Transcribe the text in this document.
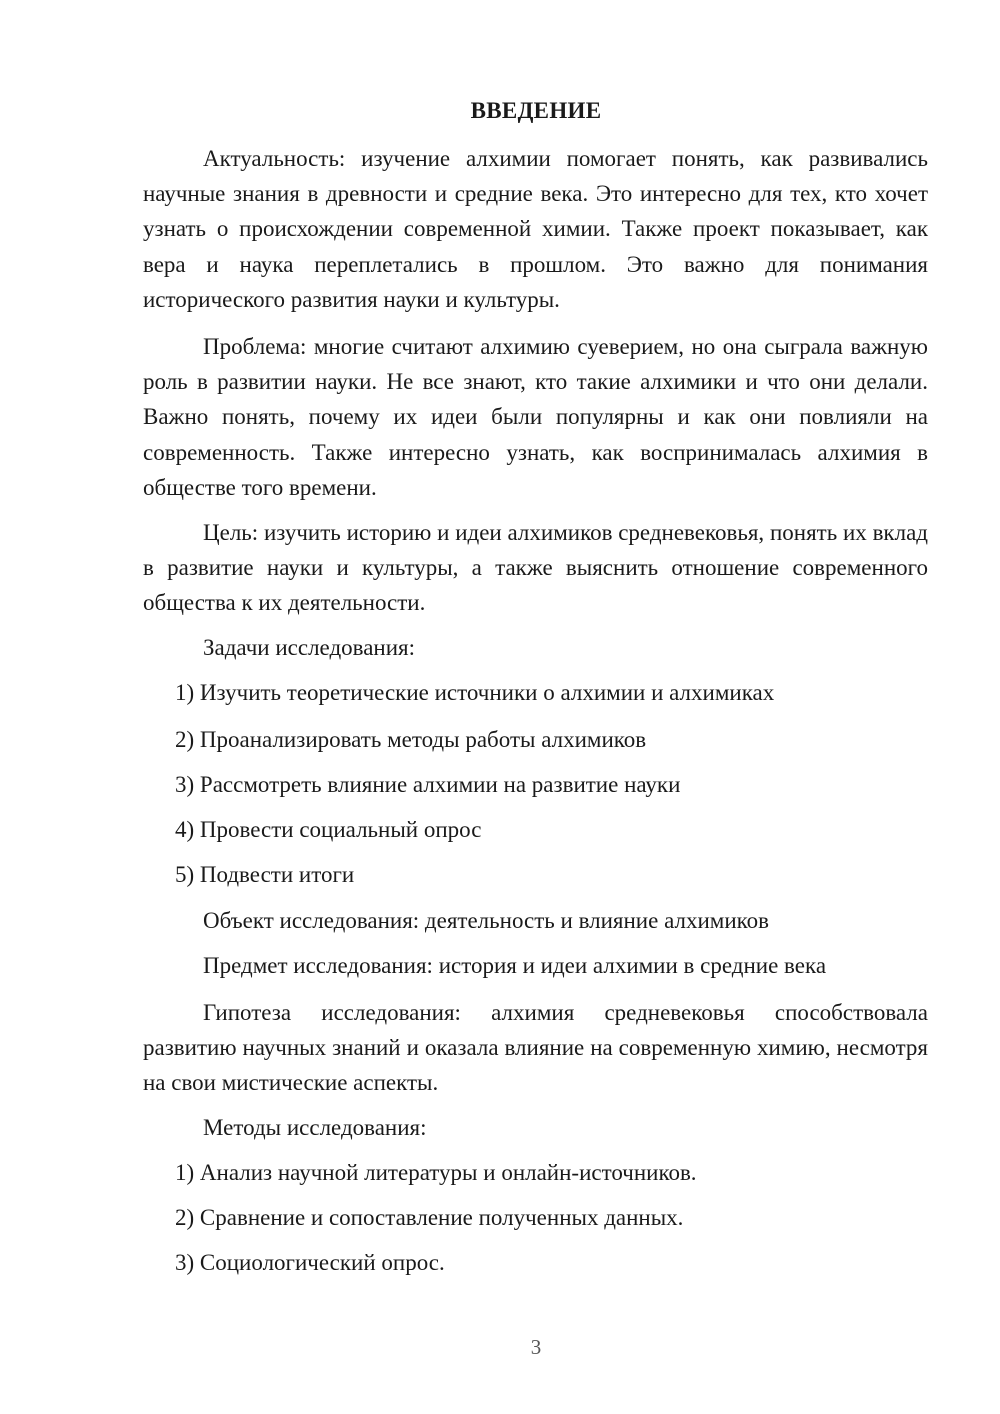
ВВЕДЕНИЕ

Актуальность: изучение алхимии помогает понять, как развивались научные знания в древности и средние века. Это интересно для тех, кто хочет узнать о происхождении современной химии. Также проект показывает, как вера и наука переплетались в прошлом. Это важно для понимания исторического развития науки и культуры.

Проблема: многие считают алхимию суеверием, но она сыграла важную роль в развитии науки. Не все знают, кто такие алхимики и что они делали. Важно понять, почему их идеи были популярны и как они повлияли на современность. Также интересно узнать, как воспринималась алхимия в обществе того времени.

Цель: изучить историю и идеи алхимиков средневековья, понять их вклад в развитие науки и культуры, а также выяснить отношение современного общества к их деятельности.

Задачи исследования:

1) Изучить теоретические источники о алхимии и алхимиках

2) Проанализировать методы работы алхимиков

3) Рассмотреть влияние алхимии на развитие науки

4) Провести социальный опрос

5) Подвести итоги

Объект исследования: деятельность и влияние алхимиков

Предмет исследования: история и идеи алхимии в средние века

Гипотеза исследования: алхимия средневековья способствовала развитию научных знаний и оказала влияние на современную химию, несмотря на свои мистические аспекты.

Методы исследования:

1) Анализ научной литературы и онлайн-источников.

2) Сравнение и сопоставление полученных данных.

3) Социологический опрос.

3
